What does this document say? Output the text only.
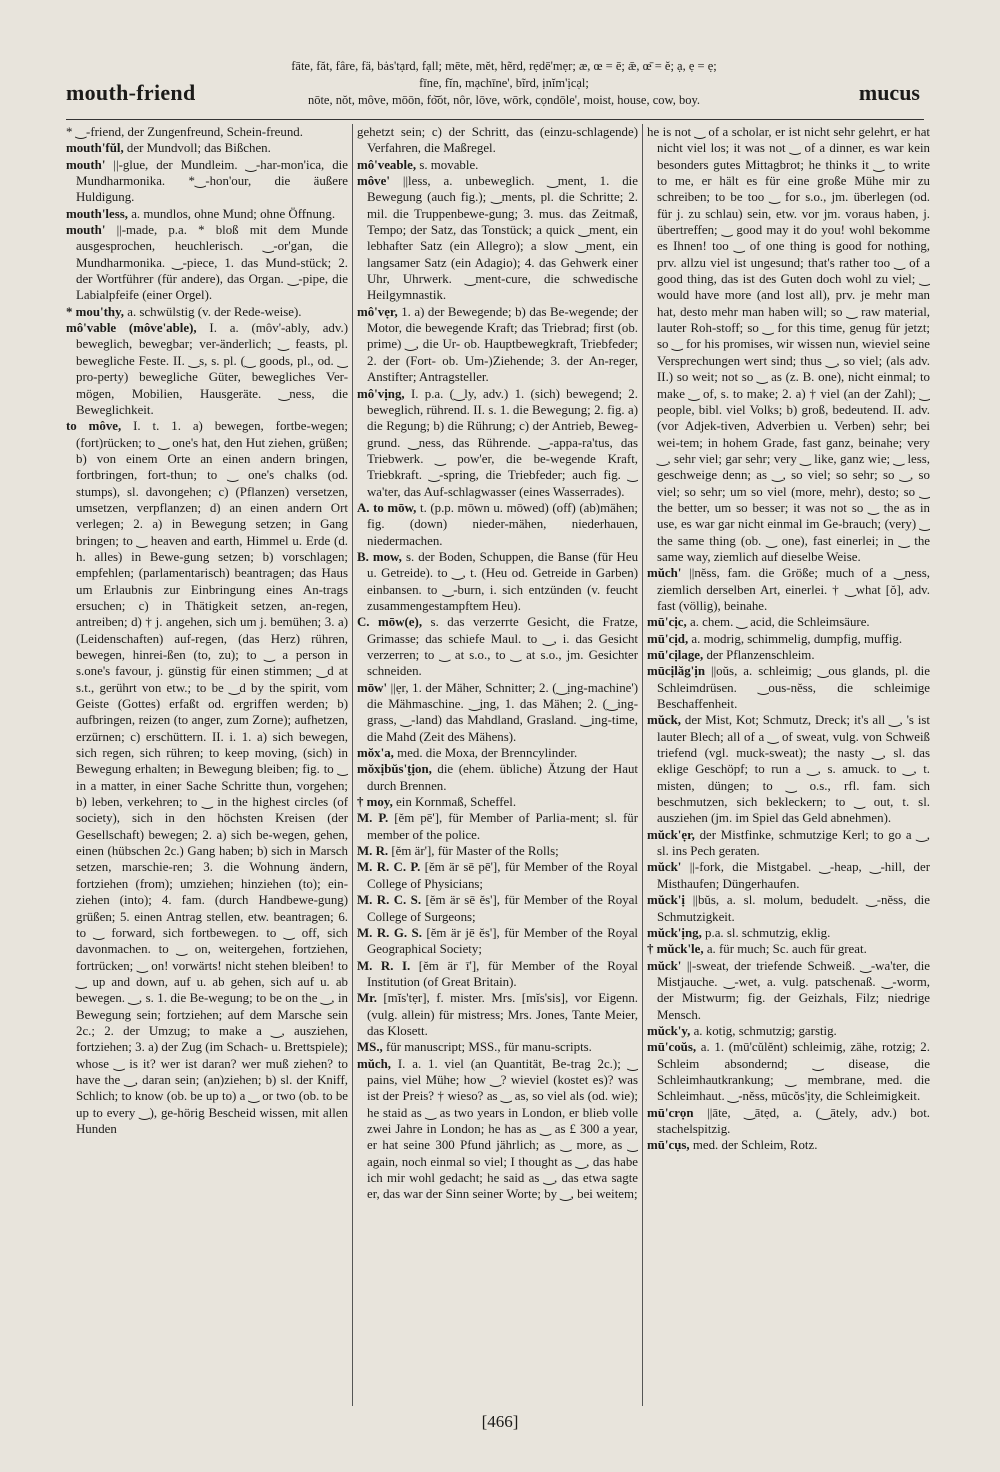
mouth-friend
fāte, făt, fâre, fä, bȧs'tạrd, fạll; mēte, mĕt, hẽrd, rẹdē'mẹr; æ, œ = ē; ǣ, œ̄ = ĕ; ạ, ẹ = ẹ;
fīne, fĭn, mạchīne', bĩrd, ịnĭm'ịcạl;
nōte, nŏt, môve, mōōn, fo͝ot, nôr, lōve, wōrk, cọndōle', moist, house, cow, boy.	mucus

* ‿-friend, der Zungenfreund, Schein-freund.

mouth'fŭl, der Mundvoll; das Bißchen.

mouth' ||-glue, der Mundleim. ‿-har-mon'ica, die Mundharmonika. *‿-hon'our, die äußere Huldigung.

mouth'less, a. mundlos, ohne Mund; ohne Öffnung.

mouth' ||-made, p.a. * bloß mit dem Munde ausgesprochen, heuchlerisch. ‿-or'gan, die Mundharmonika. ‿-piece, 1. das Mund-stück; 2. der Wortführer (für andere), das Organ. ‿-pipe, die Labialpfeife (einer Orgel).

* mou'thy, a. schwülstig (v. der Rede-weise).

mô'vable (môve'able), I. a. (môv'-ably, adv.) beweglich, bewegbar; ver-änderlich; ‿ feasts, pl. bewegliche Feste. II. ‿s, s. pl. (‿ goods, pl., od. ‿ pro-perty) bewegliche Güter, bewegliches Ver-mögen, Mobilien, Hausgeräte. ‿ness, die Beweglichkeit.

to môve, I. t. 1. a) bewegen, fortbe-wegen; (fort)rücken; to ‿ one's hat, den Hut ziehen, grüßen; b) von einem Orte an einen andern bringen, fortbringen, fort-thun; to ‿ one's chalks (od. stumps), sl. davongehen; c) (Pflanzen) versetzen, umsetzen, verpflanzen; d) an einen andern Ort verlegen; 2. a) in Bewegung setzen; in Gang bringen; to ‿ heaven and earth, Himmel u. Erde (d. h. alles) in Bewe-gung setzen; b) vorschlagen; empfehlen; (parlamentarisch) beantragen; das Haus um Erlaubnis zur Einbringung eines An-trags ersuchen; c) in Thätigkeit setzen, an-regen, antreiben; d) † j. angehen, sich um j. bemühen; 3. a) (Leidenschaften) auf-regen, (das Herz) rühren, bewegen, hinrei-ßen (to, zu); to ‿ a person in s.one's favour, j. günstig für einen stimmen; ‿d at s.t., gerührt von etw.; to be ‿d by the spirit, vom Geiste (Gottes) erfaßt od. ergriffen werden; b) aufbringen, reizen (to anger, zum Zorne); aufhetzen, erzürnen; c) erschüttern. II. i. 1. a) sich bewegen, sich regen, sich rühren; to keep moving, (sich) in Bewegung erhalten; in Bewegung bleiben; fig. to ‿ in a matter, in einer Sache Schritte thun, vorgehen; b) leben, verkehren; to ‿ in the highest circles (of society), sich in den höchsten Kreisen (der Gesellschaft) bewegen; 2. a) sich be-wegen, gehen, einen (hübschen 2c.) Gang haben; b) sich in Marsch setzen, marschie-ren; 3. die Wohnung ändern, fortziehen (from); umziehen; hinziehen (to); ein-ziehen (into); 4. fam. (durch Handbewe-gung) grüßen; 5. einen Antrag stellen, etw. beantragen; 6. to ‿ forward, sich fortbewegen. to ‿ off, sich davonmachen. to ‿ on, weitergehen, fortziehen, fortrücken; ‿ on! vorwärts! nicht stehen bleiben! to ‿ up and down, auf u. ab gehen, sich auf u. ab bewegen. ‿, s. 1. die Be-wegung; to be on the ‿, in Bewegung sein; fortziehen; auf dem Marsche sein 2c.; 2. der Umzug; to make a ‿, ausziehen, fortziehen; 3. a) der Zug (im Schach- u. Brettspiele); whose ‿ is it? wer ist daran? wer muß ziehen? to have the ‿, daran sein; (an)ziehen; b) sl. der Kniff, Schlich; to know (ob. be up to) a ‿ or two (ob. to be up to every ‿), ge-hörig Bescheid wissen, mit allen Hunden

gehetzt sein; c) der Schritt, das (einzu-schlagende) Verfahren, die Maßregel.

mô'veable, s. movable.

môve' ||less, a. unbeweglich. ‿ment, 1. die Bewegung (auch fig.); ‿ments, pl. die Schritte; 2. mil. die Truppenbewe-gung; 3. mus. das Zeitmaß, Tempo; der Satz, das Tonstück; a quick ‿ment, ein lebhafter Satz (ein Allegro); a slow ‿ment, ein langsamer Satz (ein Adagio); 4. das Gehwerk einer Uhr, Uhrwerk. ‿ment-cure, die schwedische Heilgymnastik.

mô'vẹr, 1. a) der Bewegende; b) das Be-wegende; der Motor, die bewegende Kraft; das Triebrad; first (ob. prime) ‿, die Ur- ob. Hauptbewegkraft, Triebfeder; 2. der (Fort- ob. Um-)Ziehende; 3. der An-reger, Anstifter; Antragsteller.

mô'vịng, I. p.a. (‿ly, adv.) 1. (sich) bewegend; 2. beweglich, rührend. II. s. 1. die Bewegung; 2. fig. a) die Regung; b) die Rührung; c) der Antrieb, Beweg-grund. ‿ness, das Rührende. ‿-appa-ra'tus, das Triebwerk. ‿ pow'er, die be-wegende Kraft, Triebkraft. ‿-spring, die Triebfeder; auch fig. ‿ wa'ter, das Auf-schlagwasser (eines Wasserrades).

A. to mōw, t. (p.p. mōwn u. mōwed) (off) (ab)mähen; fig. (down) nieder-mähen, niederhauen, niedermachen.

B. mow, s. der Boden, Schuppen, die Banse (für Heu u. Getreide). to ‿, t. (Heu od. Getreide in Garben) einbansen. to ‿-burn, i. sich entzünden (v. feucht zusammengestampftem Heu).

C. mōw(e), s. das verzerrte Gesicht, die Fratze, Grimasse; das schiefe Maul. to ‿, i. das Gesicht verzerren; to ‿ at s.o., to ‿ at s.o., jm. Gesichter schneiden.

mōw' ||ẹr, 1. der Mäher, Schnitter; 2. (‿ịng-machine') die Mähmaschine. ‿ịng, 1. das Mähen; 2. (‿ing-grass, ‿-land) das Mahdland, Grasland. ‿ing-time, die Mahd (Zeit des Mähens).

mŏx'a, med. die Moxa, der Brenncylinder.

mŏxịbŭs't̬ịon, die (ehem. übliche) Ätzung der Haut durch Brennen.

† moy, ein Kornmaß, Scheffel.

M. P. [ĕm pē'], für Member of Parlia-ment; sl. für member of the police.

M. R. [ĕm är'], für Master of the Rolls;

M. R. C. P. [ĕm är sē pē'], für Member of the Royal College of Physicians;

M. R. C. S. [ĕm är sē ĕs'], für Member of the Royal College of Surgeons;

M. R. G. S. [ĕm är jē ĕs'], für Member of the Royal Geographical Society;

M. R. I. [ĕm är ī'], für Member of the Royal Institution (of Great Britain).

Mr. [mĭs'tẹr], f. mister. Mrs. [mĭs'sis], vor Eigenn. (vulg. allein) für mistress; Mrs. Jones, Tante Meier, das Klosett.

MS., für manuscript; MSS., für manu-scripts.

mŭch, I. a. 1. viel (an Quantität, Be-trag 2c.); ‿ pains, viel Mühe; how ‿? wieviel (kostet es)? was ist der Preis? † wieso? as ‿ as, so viel als (od. wie); he staid as ‿ as two years in London, er blieb volle zwei Jahre in London; he has as ‿ as £ 300 a year, er hat seine 300 Pfund jährlich; as ‿ more, as ‿ again, noch einmal so viel; I thought as ‿, das habe ich mir wohl gedacht; he said as ‿, das etwa sagte er, das war der Sinn seiner Worte; by ‿, bei weitem;

he is not ‿ of a scholar, er ist nicht sehr gelehrt, er hat nicht viel los; it was not ‿ of a dinner, es war kein besonders gutes Mittagbrot; he thinks it ‿ to write to me, er hält es für eine große Mühe mir zu schreiben; to be too ‿ for s.o., jm. überlegen (od. für j. zu schlau) sein, etw. vor jm. voraus haben, j. übertreffen; ‿ good may it do you! wohl bekomme es Ihnen! too ‿ of one thing is good for nothing, prv. allzu viel ist ungesund; that's rather too ‿ of a good thing, das ist des Guten doch wohl zu viel; ‿ would have more (and lost all), prv. je mehr man hat, desto mehr man haben will; so ‿ raw material, lauter Roh-stoff; so ‿ for this time, genug für jetzt; so ‿ for his promises, wir wissen nun, wieviel seine Versprechungen wert sind; thus ‿, so viel; (als adv. II.) so weit; not so ‿ as (z. B. one), nicht einmal; to make ‿ of, s. to make; 2. a) † viel (an der Zahl); ‿ people, bibl. viel Volks; b) groß, bedeutend. II. adv. (vor Adjek-tiven, Adverbien u. Verben) sehr; bei wei-tem; in hohem Grade, fast ganz, beinahe; very ‿, sehr viel; gar sehr; very ‿ like, ganz wie; ‿ less, geschweige denn; as ‿, so viel; so sehr; so ‿, so viel; so sehr; um so viel (more, mehr), desto; so ‿ the better, um so besser; it was not so ‿ the as in use, es war gar nicht einmal im Ge-brauch; (very) ‿ the same thing (ob. ‿ one), fast einerlei; in ‿ the same way, ziemlich auf dieselbe Weise.

mŭch' ||nĕss, fam. die Größe; much of a ‿ness, ziemlich derselben Art, einerlei. † ‿what [ŏ], adv. fast (völlig), beinahe.

mū'cịc, a. chem. ‿ acid, die Schleimsäure.

mū'cịd, a. modrig, schimmelig, dumpfig, muffig.

mū'cịlage, der Pflanzenschleim.

mūcịlăg'ịn ||oŭs, a. schleimig; ‿ous glands, pl. die Schleimdrüsen. ‿ous-nĕss, die schleimige Beschaffenheit.

mŭck, der Mist, Kot; Schmutz, Dreck; it's all ‿, 's ist lauter Blech; all of a ‿ of sweat, vulg. von Schweiß triefend (vgl. muck-sweat); the nasty ‿, sl. das eklige Geschöpf; to run a ‿, s. amuck. to ‿, t. misten, düngen; to ‿ o.s., rfl. fam. sich beschmutzen, sich bekleckern; to ‿ out, t. sl. ausziehen (jm. im Spiel das Geld abnehmen).

mŭck'ẹr, der Mistfinke, schmutzige Kerl; to go a ‿, sl. ins Pech geraten.

mŭck' ||-fork, die Mistgabel. ‿-heap, ‿-hill, der Misthaufen; Düngerhaufen.

mŭck'ị ||bŭs, a. sl. molum, bedudelt. ‿-nĕss, die Schmutzigkeit.

mŭck'ịng, p.a. sl. schmutzig, eklig.

† mŭck'le, a. für much; Sc. auch für great.

mŭck' ||-sweat, der triefende Schweiß. ‿-wa'ter, die Mistjauche. ‿-wet, a. vulg. patschenaß. ‿-worm, der Mistwurm; fig. der Geizhals, Filz; niedrige Mensch.

mŭck'y, a. kotig, schmutzig; garstig.

mū'coŭs, a. 1. (mū'cŭlĕnt) schleimig, zähe, rotzig; 2. Schleim absondernd; ‿ disease, die Schleimhautkrankung; ‿ membrane, med. die Schleimhaut. ‿-nĕss, mūcŏs'ịty, die Schleimigkeit.

mū'crọn ||āte, ‿ātẹd, a. (‿ātely, adv.) bot. stachelspitzig.

mū'cụs, med. der Schleim, Rotz.

[466]
